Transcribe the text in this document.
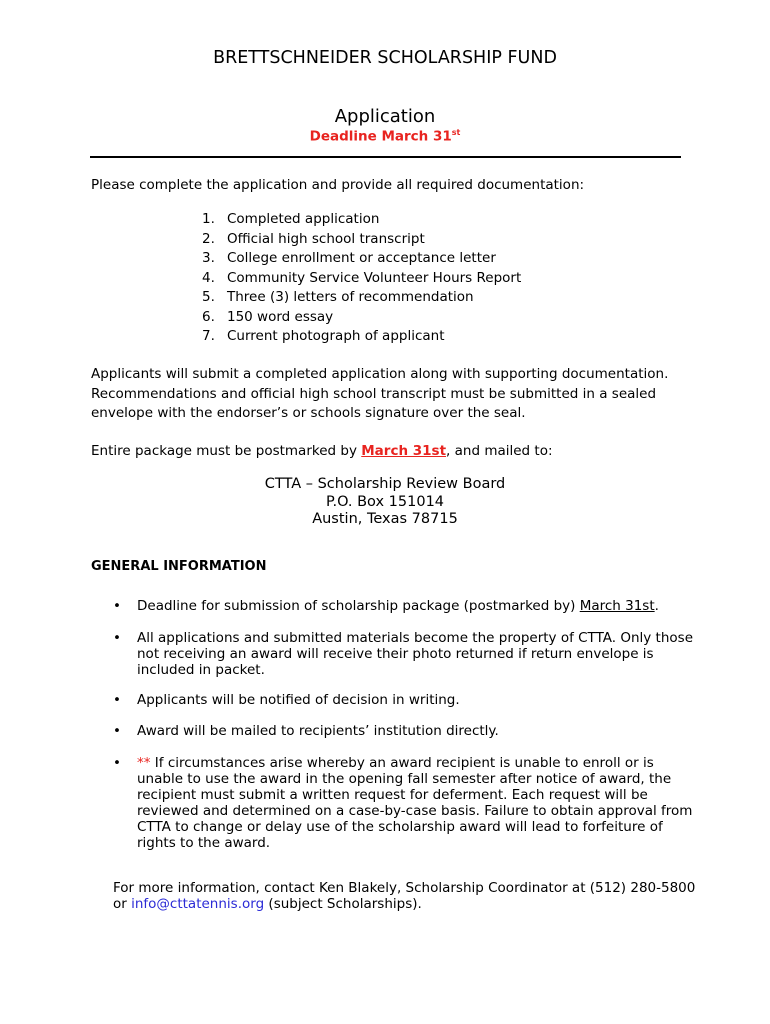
BRETTSCHNEIDER SCHOLARSHIP FUND
Application
Deadline March 31st
Please complete the application and provide all required documentation:
1. Completed application
2. Official high school transcript
3. College enrollment or acceptance letter
4. Community Service Volunteer Hours Report
5. Three (3) letters of recommendation
6. 150 word essay
7. Current photograph of applicant
Applicants will submit a completed application along with supporting documentation. Recommendations and official high school transcript must be submitted in a sealed envelope with the endorser’s or schools signature over the seal.
Entire package must be postmarked by March 31st, and mailed to:
CTTA – Scholarship Review Board
P.O. Box 151014
Austin, Texas 78715
GENERAL INFORMATION
• Deadline for submission of scholarship package (postmarked by) March 31st.
• All applications and submitted materials become the property of CTTA. Only those not receiving an award will receive their photo returned if return envelope is included in packet.
• Applicants will be notified of decision in writing.
• Award will be mailed to recipients’ institution directly.
• ** If circumstances arise whereby an award recipient is unable to enroll or is unable to use the award in the opening fall semester after notice of award, the recipient must submit a written request for deferment. Each request will be reviewed and determined on a case-by-case basis. Failure to obtain approval from CTTA to change or delay use of the scholarship award will lead to forfeiture of rights to the award.
For more information, contact Ken Blakely, Scholarship Coordinator at (512) 280-5800 or info@cttatennis.org (subject Scholarships).
